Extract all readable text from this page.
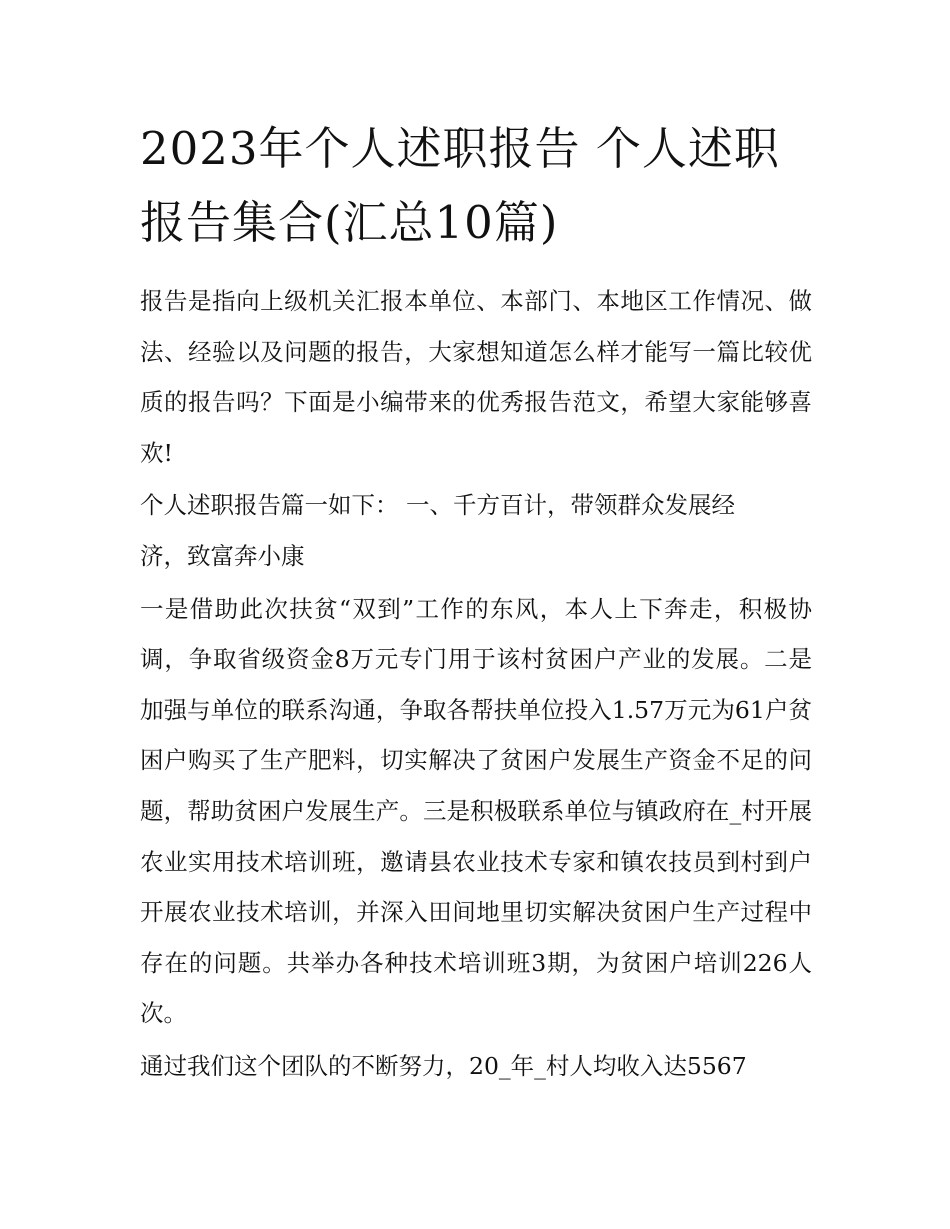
2023年个人述职报告 个人述职报告集合(汇总10篇)

报告是指向上级机关汇报本单位、本部门、本地区工作情况、做法、经验以及问题的报告，大家想知道怎么样才能写一篇比较优质的报告吗？下面是小编带来的优秀报告范文，希望大家能够喜欢!

个人述职报告篇一如下： 一、千方百计，带领群众发展经济，致富奔小康

一是借助此次扶贫“双到”工作的东风，本人上下奔走，积极协调，争取省级资金8万元专门用于该村贫困户产业的发展。二是加强与单位的联系沟通，争取各帮扶单位投入1.57万元为61户贫困户购买了生产肥料，切实解决了贫困户发展生产资金不足的问题，帮助贫困户发展生产。三是积极联系单位与镇政府在_村开展农业实用技术培训班，邀请县农业技术专家和镇农技员到村到户开展农业技术培训，并深入田间地里切实解决贫困户生产过程中存在的问题。共举办各种技术培训班3期，为贫困户培训226人次。

通过我们这个团队的不断努力，20_年_村人均收入达5567
